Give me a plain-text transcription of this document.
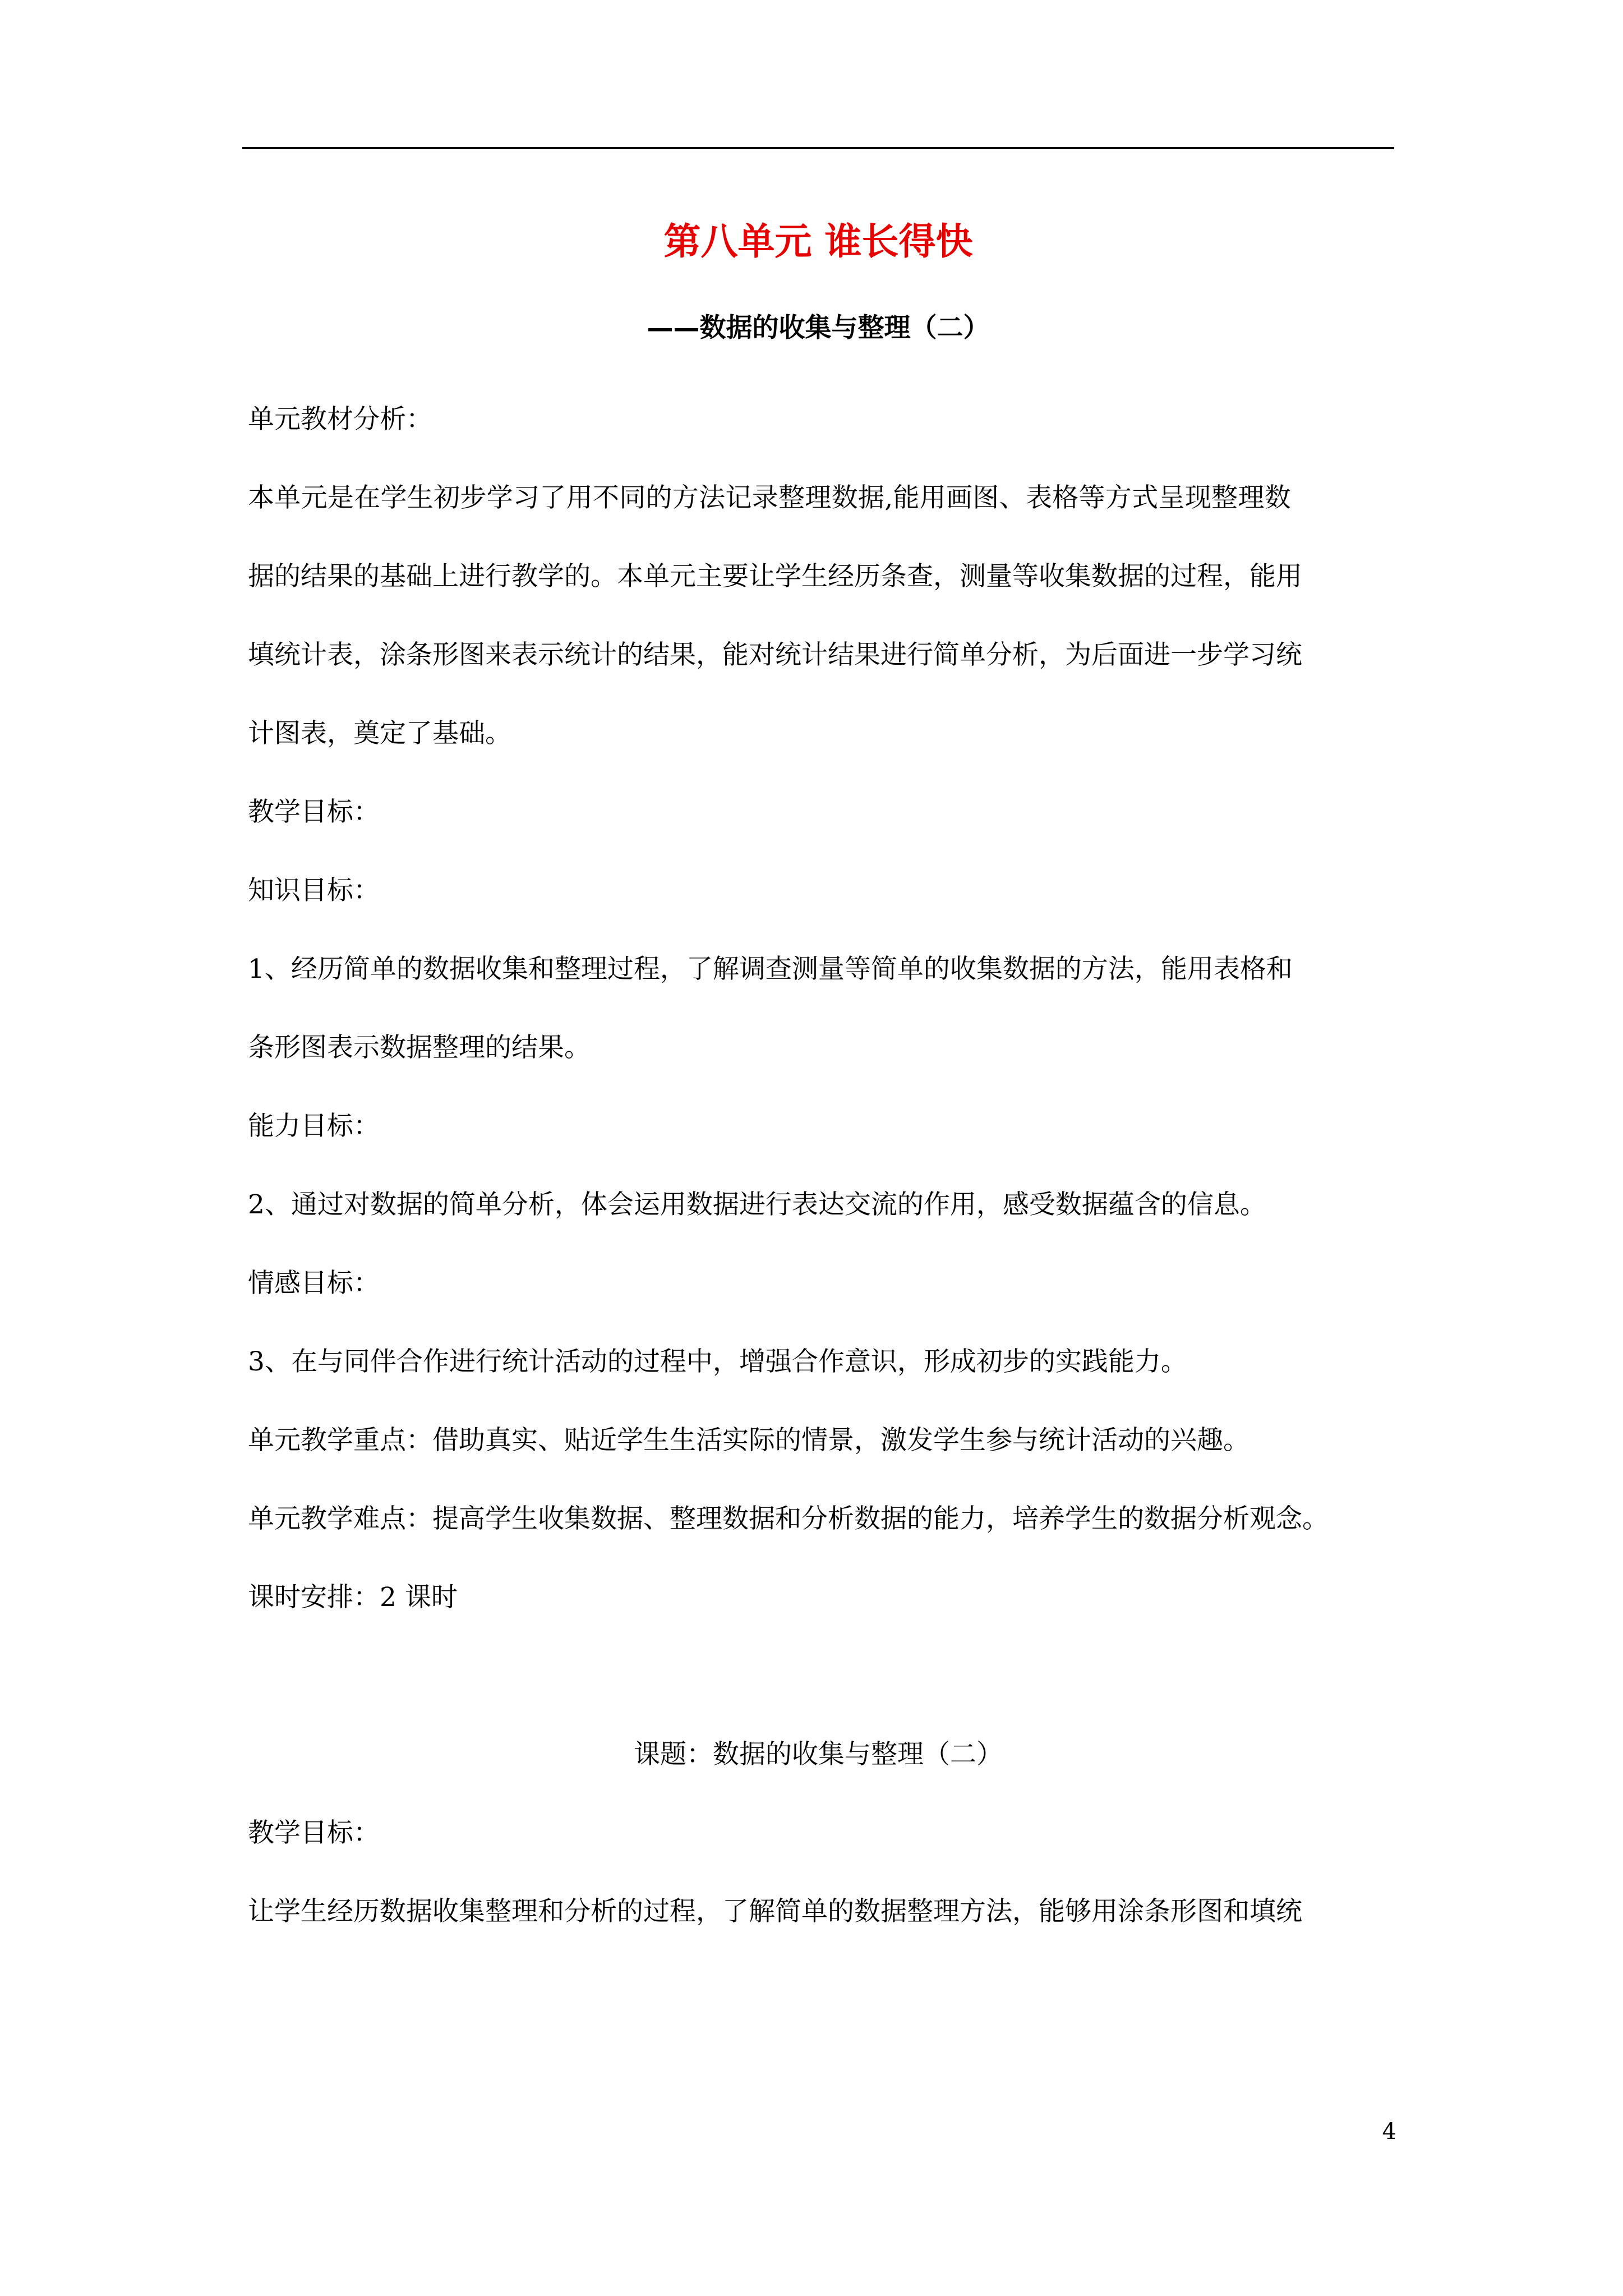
第八单元 谁长得快
——数据的收集与整理（二）
单元教材分析：
本单元是在学生初步学习了用不同的方法记录整理数据,能用画图、表格等方式呈现整理数
据的结果的基础上进行教学的。本单元主要让学生经历条查，测量等收集数据的过程，能用
填统计表，涂条形图来表示统计的结果，能对统计结果进行简单分析，为后面进一步学习统
计图表，奠定了基础。
教学目标：
知识目标：
1、经历简单的数据收集和整理过程，了解调查测量等简单的收集数据的方法，能用表格和
条形图表示数据整理的结果。
能力目标：
2、通过对数据的简单分析，体会运用数据进行表达交流的作用，感受数据蕴含的信息。
情感目标：
3、在与同伴合作进行统计活动的过程中，增强合作意识，形成初步的实践能力。
单元教学重点：借助真实、贴近学生生活实际的情景，激发学生参与统计活动的兴趣。
单元教学难点：提高学生收集数据、整理数据和分析数据的能力，培养学生的数据分析观念。
课时安排：2 课时
课题：数据的收集与整理（二）
教学目标：
让学生经历数据收集整理和分析的过程，了解简单的数据整理方法，能够用涂条形图和填统
4
